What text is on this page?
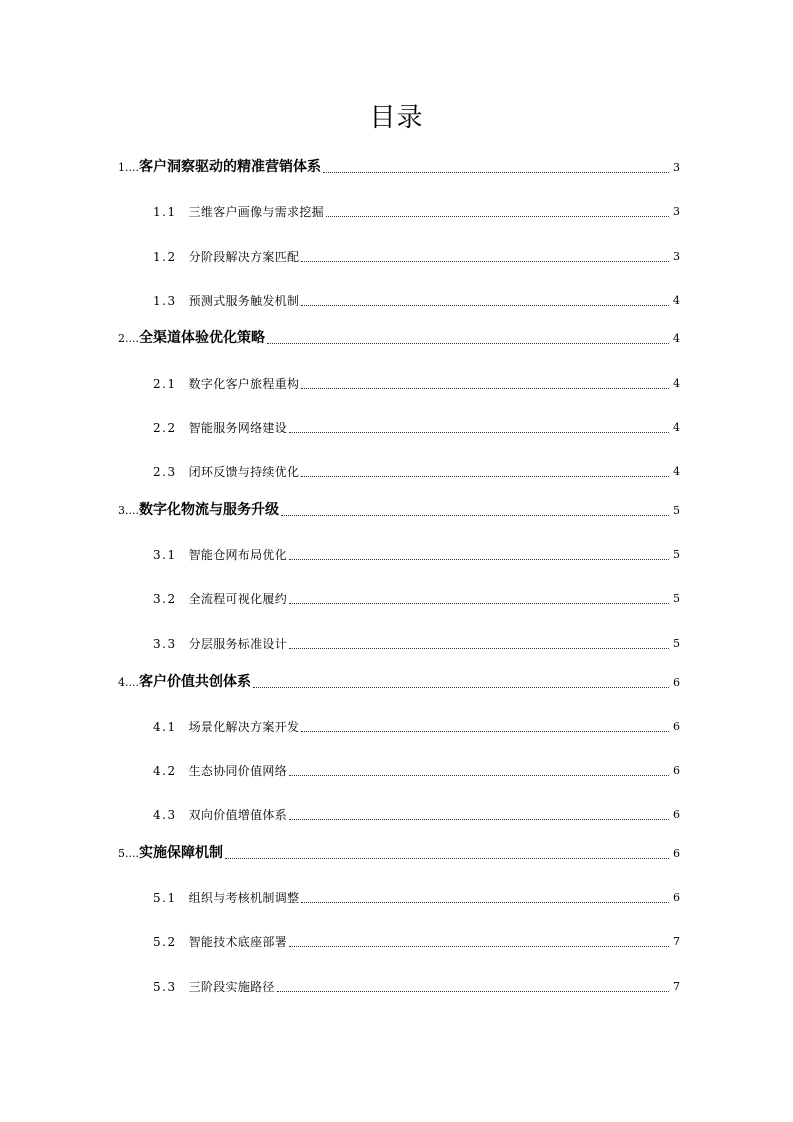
目录
1 ....	客户洞察驱动的精准营销体系	3
1.1 三维客户画像与需求挖掘	3
1.2 分阶段解决方案匹配	3
1.3 预测式服务触发机制	4
2 ....	全渠道体验优化策略	4
2.1 数字化客户旅程重构	4
2.2 智能服务网络建设	4
2.3 闭环反馈与持续优化	4
3 ....	数字化物流与服务升级	5
3.1 智能仓网布局优化	5
3.2 全流程可视化履约	5
3.3 分层服务标准设计	5
4 ....	客户价值共创体系	6
4.1 场景化解决方案开发	6
4.2 生态协同价值网络	6
4.3 双向价值增值体系	6
5 ....	实施保障机制	6
5.1 组织与考核机制调整	6
5.2 智能技术底座部署	7
5.3 三阶段实施路径	7
